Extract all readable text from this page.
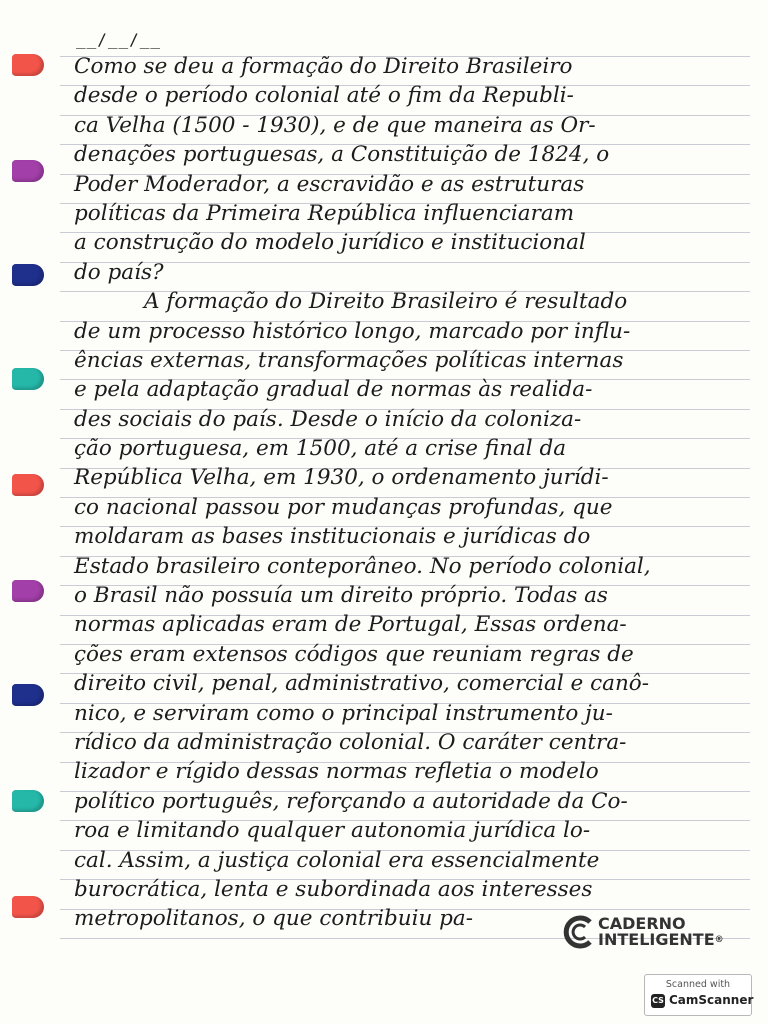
__/__/__
Como se deu a formação do Direito Brasileiro
desde o período colonial até o fim da Republi-
ca Velha (1500 - 1930), e de que maneira as Or-
denações portuguesas, a Constituição de 1824, o
Poder Moderador, a escravidão e as estruturas
políticas da Primeira República influenciaram
a construção do modelo jurídico e institucional
do país?
A formação do Direito Brasileiro é resultado
de um processo histórico longo, marcado por influ-
ências externas, transformações políticas internas
e pela adaptação gradual de normas às realida-
des sociais do país. Desde o início da coloniza-
ção portuguesa, em 1500, até a crise final da
República Velha, em 1930, o ordenamento jurídi-
co nacional passou por mudanças profundas, que
moldaram as bases institucionais e jurídicas do
Estado brasileiro conteporâneo. No período colonial,
o Brasil não possuía um direito próprio. Todas as
normas aplicadas eram de Portugal, Essas ordena-
ções eram extensos códigos que reuniam regras de
direito civil, penal, administrativo, comercial e canô-
nico, e serviram como o principal instrumento ju-
rídico da administração colonial. O caráter centra-
lizador e rígido dessas normas refletia o modelo
político português, reforçando a autoridade da Co-
roa e limitando qualquer autonomia jurídica lo-
cal. Assim, a justiça colonial era essencialmente
burocrática, lenta e subordinada aos interesses
metropolitanos, o que contribuiu pa-	CADERNO
INTELIGENTE®
Scanned with
CS CamScanner
